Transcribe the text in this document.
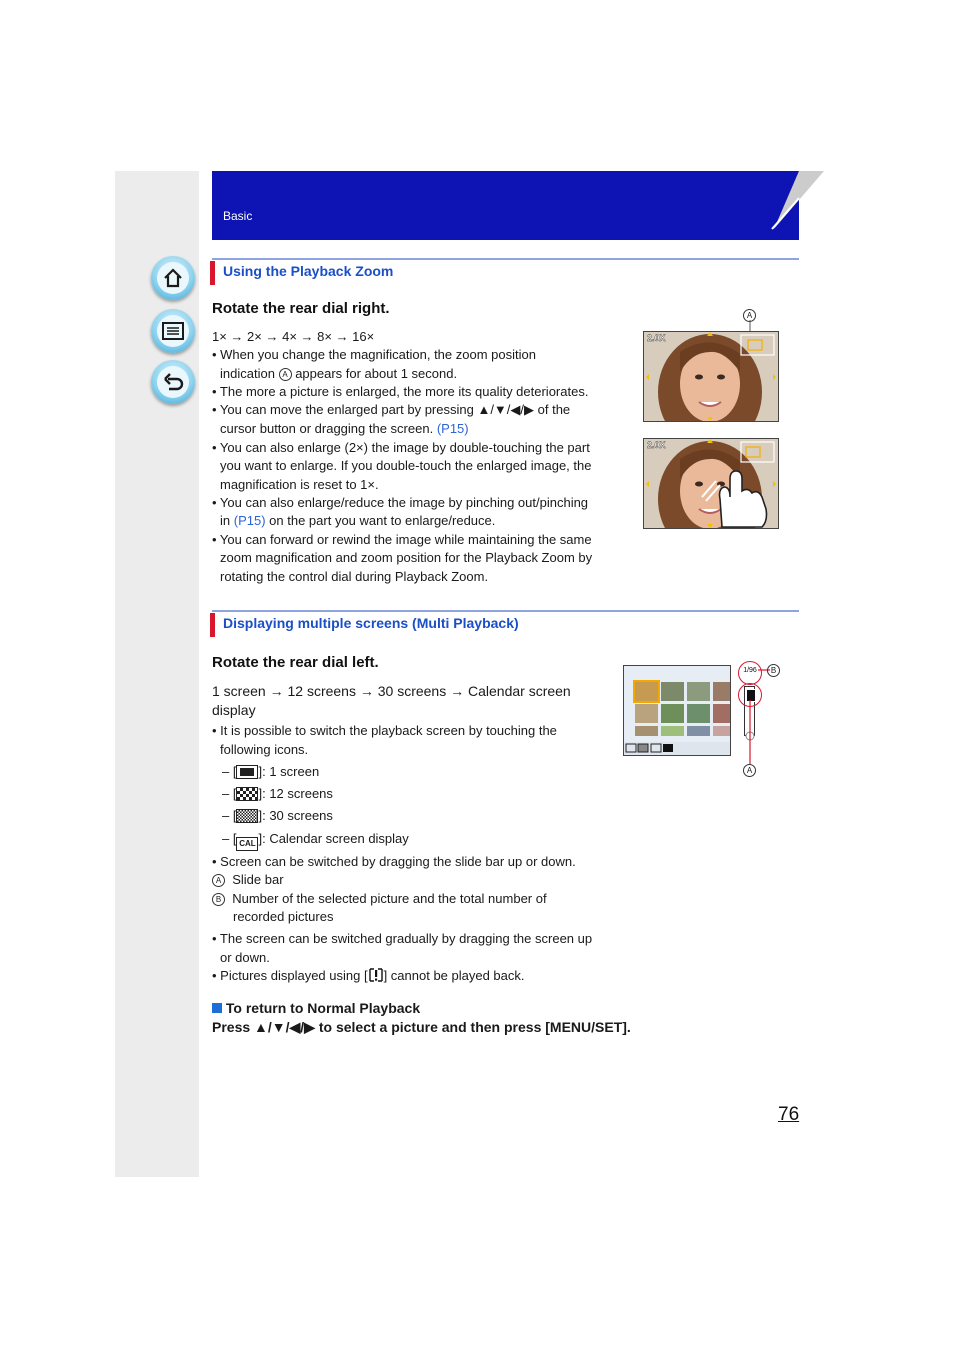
Basic
Using the Playback Zoom
Rotate the rear dial right.
1× → 2× → 4× → 8× → 16×
• When you change the magnification, the zoom position
indication A appears for about 1 second.
• The more a picture is enlarged, the more its quality deteriorates.
• You can move the enlarged part by pressing ▲/▼/◀/▶ of the
cursor button or dragging the screen. (P15)
• You can also enlarge (2×) the image by double-touching the part
you want to enlarge. If you double-touch the enlarged image, the
magnification is reset to 1×.
• You can also enlarge/reduce the image by pinching out/pinching
in (P15) on the part you want to enlarge/reduce.
• You can forward or rewind the image while maintaining the same
zoom magnification and zoom position for the Playback Zoom by
rotating the control dial during Playback Zoom.
A
2.0X
2.0X
Displaying multiple screens (Multi Playback)
Rotate the rear dial left.
1 screen → 12 screens → 30 screens → Calendar screen
display
• It is possible to switch the playback screen by touching the
following icons.
– [ ]: 1 screen
– [ ]: 12 screens
– [ ]: 30 screens
– [ CAL ]: Calendar screen display
• Screen can be switched by dragging the slide bar up or down.
A Slide bar
B Number of the selected picture and the total number of
recorded pictures
• The screen can be switched gradually by dragging the screen up
or down.
• Pictures displayed using [ ] cannot be played back.
1/96	B
A
To return to Normal Playback
Press ▲/▼/◀/▶ to select a picture and then press [MENU/SET].
76
